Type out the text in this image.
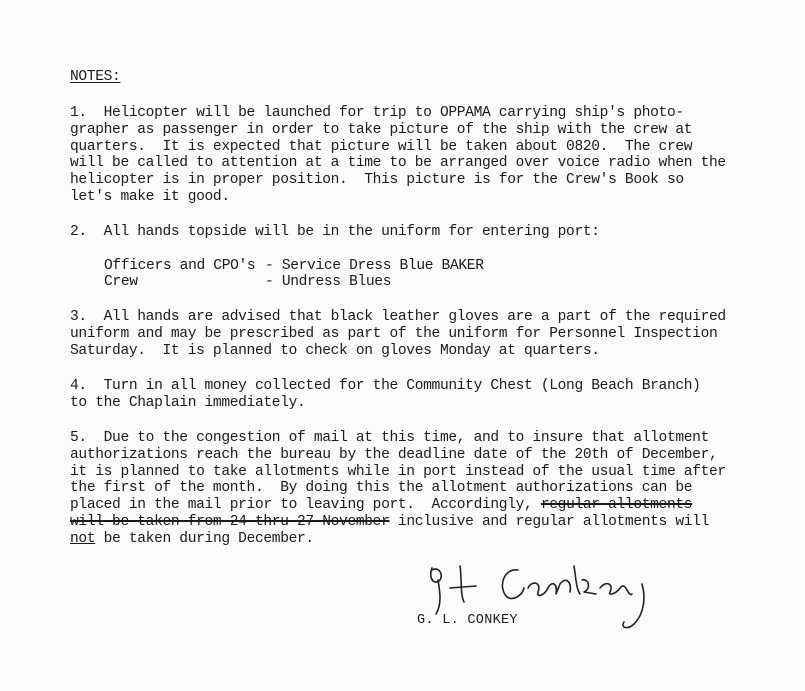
NOTES:
1.  Helicopter will be launched for trip to OPPAMA carrying ship's photo-
grapher as passenger in order to take picture of the ship with the crew at
quarters.  It is expected that picture will be taken about 0820.  The crew
will be called to attention at a time to be arranged over voice radio when the
helicopter is in proper position.  This picture is for the Crew's Book so
let's make it good.
2.  All hands topside will be in the uniform for entering port:
Officers and CPO's - Service Dress Blue BAKER
Crew	- Undress Blues
3.  All hands are advised that black leather gloves are a part of the required
uniform and may be prescribed as part of the uniform for Personnel Inspection
Saturday.  It is planned to check on gloves Monday at quarters.
4.  Turn in all money collected for the Community Chest (Long Beach Branch)
to the Chaplain immediately.
5.  Due to the congestion of mail at this time, and to insure that allotment
authorizations reach the bureau by the deadline date of the 20th of December,
it is planned to take allotments while in port instead of the usual time after
the first of the month.  By doing this the allotment authorizations can be
placed in the mail prior to leaving port.  Accordingly, regular allotments
will be taken from 24 thru 27 November inclusive and regular allotments will
not be taken during December.
G. L. CONKEY
